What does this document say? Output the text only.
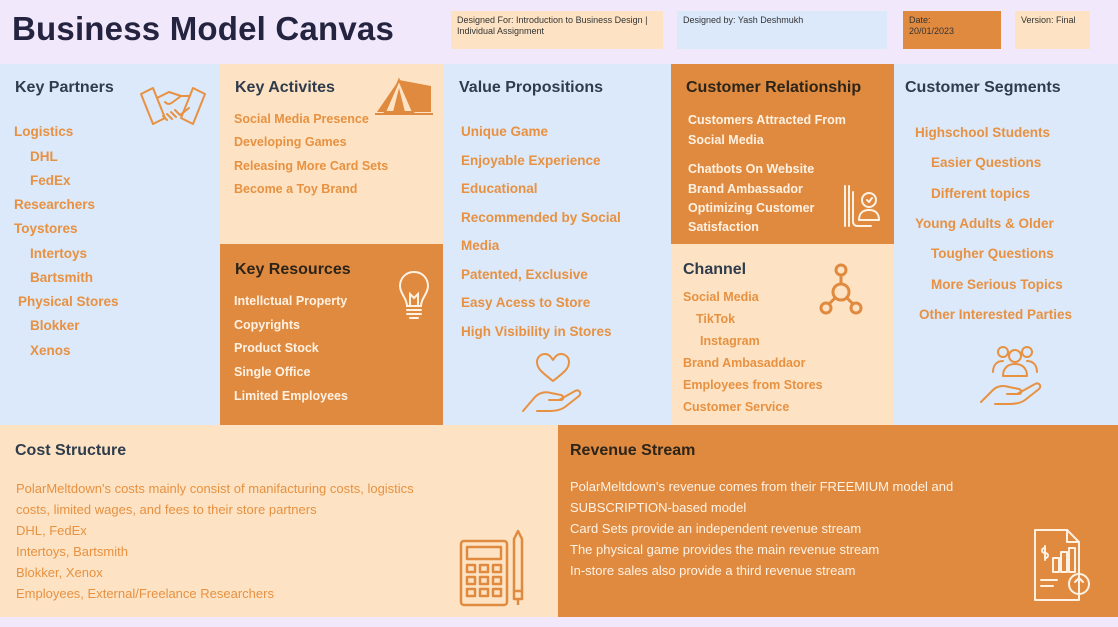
Business Model Canvas	Designed For: Introduction to Business Design | Individual Assignment
Designed by: Yash Deshmukh	Date:
20/01/2023
Version: Final
Key Partners
Logistics
DHL
FedEx
Researchers
Toystores
Intertoys
Bartsmith
Physical Stores
Blokker
Xenos
Key Activites
Social Media Presence
Developing Games
Releasing More Card Sets
Become a Toy Brand
Key Resources
Intellctual Property
Copyrights
Product Stock
Single Office
Limited Employees
Value Propositions
Unique Game
Enjoyable Experience
Educational
Recommended by Social
Media
Patented, Exclusive
Easy Acess to Store
High Visibility in Stores
Customer Relationship
Customers Attracted From
Social Media
Chatbots On Website
Brand Ambassador
Optimizing Customer
Satisfaction
Channel
Social Media
TikTok
Instagram
Brand Ambasaddaor
Employees from Stores
Customer Service
Customer Segments
Highschool Students
Easier Questions
Different topics
Young Adults & Older
Tougher Questions
More Serious Topics
Other Interested Parties
Cost Structure
PolarMeltdown's costs mainly consist of manifacturing costs, logistics
costs, limited wages, and fees to their store partners
DHL, FedEx
Intertoys, Bartsmith
Blokker, Xenox
Employees, External/Freelance Researchers
Revenue Stream
PolarMeltdown's revenue comes from their FREEMIUM model and
SUBSCRIPTION-based model
Card Sets provide an independent revenue stream
The physical game provides the main revenue stream
In-store sales also provide a third revenue stream
